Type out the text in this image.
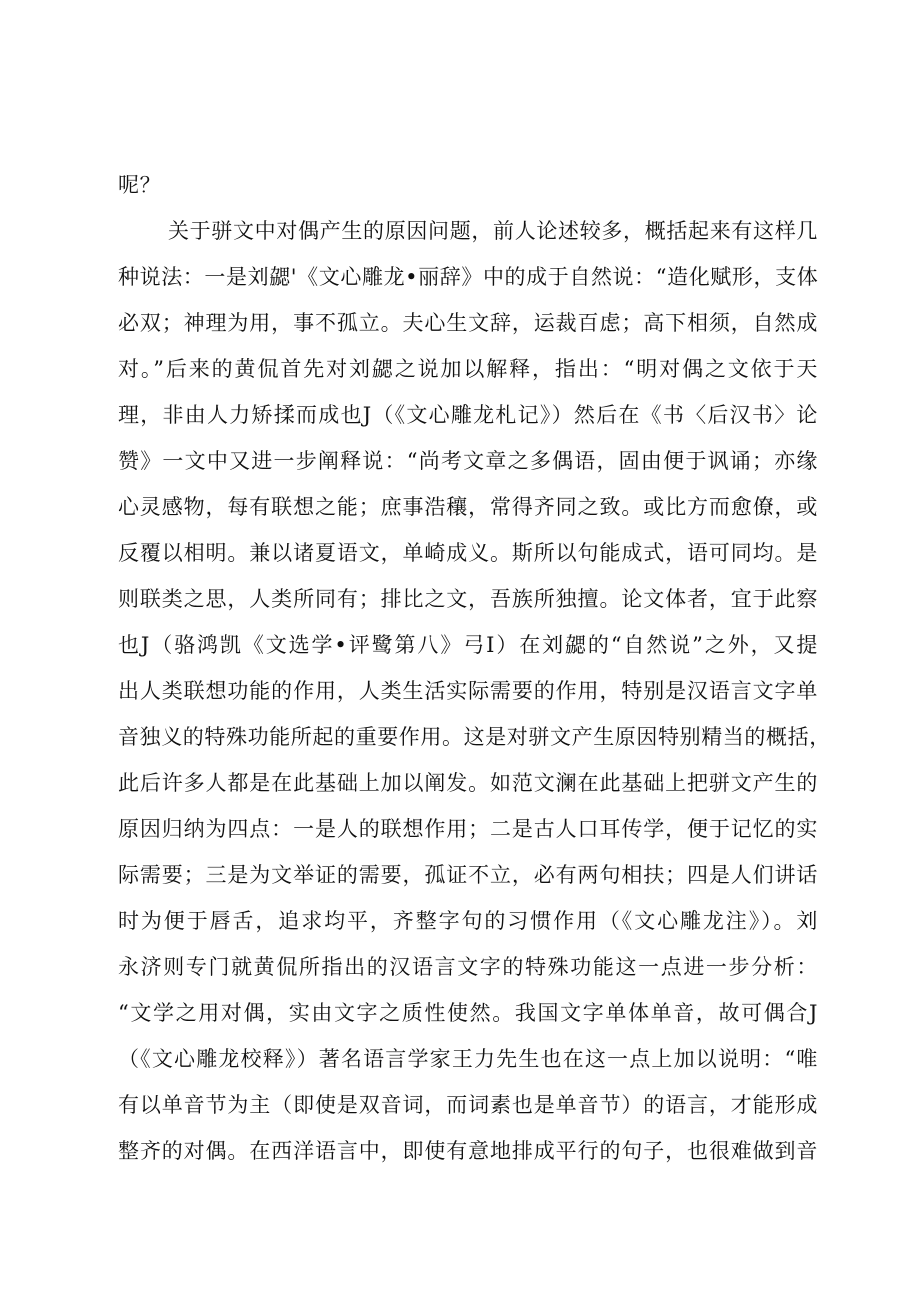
呢？
关于骈文中对偶产生的原因问题，前人论述较多，概括起来有这样几
种说法：一是刘勰'《文心雕龙•丽辞》中的成于自然说：“造化赋形，支体
必双；神理为用，事不孤立。夫心生文辞，运裁百虑；高下相须，自然成
对。”后来的黄侃首先对刘勰之说加以解释，指出：“明对偶之文依于天
理，非由人力矫揉而成也J（《文心雕龙札记》）然后在《书〈后汉书〉论
赞》一文中又进一步阐释说：“尚考文章之多偶语，固由便于讽诵；亦缘
心灵感物，每有联想之能；庶事浩穰，常得齐同之致。或比方而愈僚，或
反覆以相明。兼以诸夏语文，单崎成义。斯所以句能成式，语可同均。是
则联类之思，人类所同有；排比之文，吾族所独擅。论文体者，宜于此察
也J（骆鸿凯《文选学•评鹭第八》弓I）在刘勰的“自然说”之外，又提
出人类联想功能的作用，人类生活实际需要的作用，特别是汉语言文字单
音独义的特殊功能所起的重要作用。这是对骈文产生原因特别精当的概括，
此后许多人都是在此基础上加以阐发。如范文澜在此基础上把骈文产生的
原因归纳为四点：一是人的联想作用；二是古人口耳传学，便于记忆的实
际需要；三是为文举证的需要，孤证不立，必有两句相扶；四是人们讲话
时为便于唇舌，追求均平，齐整字句的习惯作用（《文心雕龙注》）。刘
永济则专门就黄侃所指出的汉语言文字的特殊功能这一点进一步分析：
“文学之用对偶，实由文字之质性使然。我国文字单体单音，故可偶合J
（《文心雕龙校释》）著名语言学家王力先生也在这一点上加以说明：“唯
有以单音节为主（即使是双音词，而词素也是单音节）的语言，才能形成
整齐的对偶。在西洋语言中，即使有意地排成平行的句子，也很难做到音
